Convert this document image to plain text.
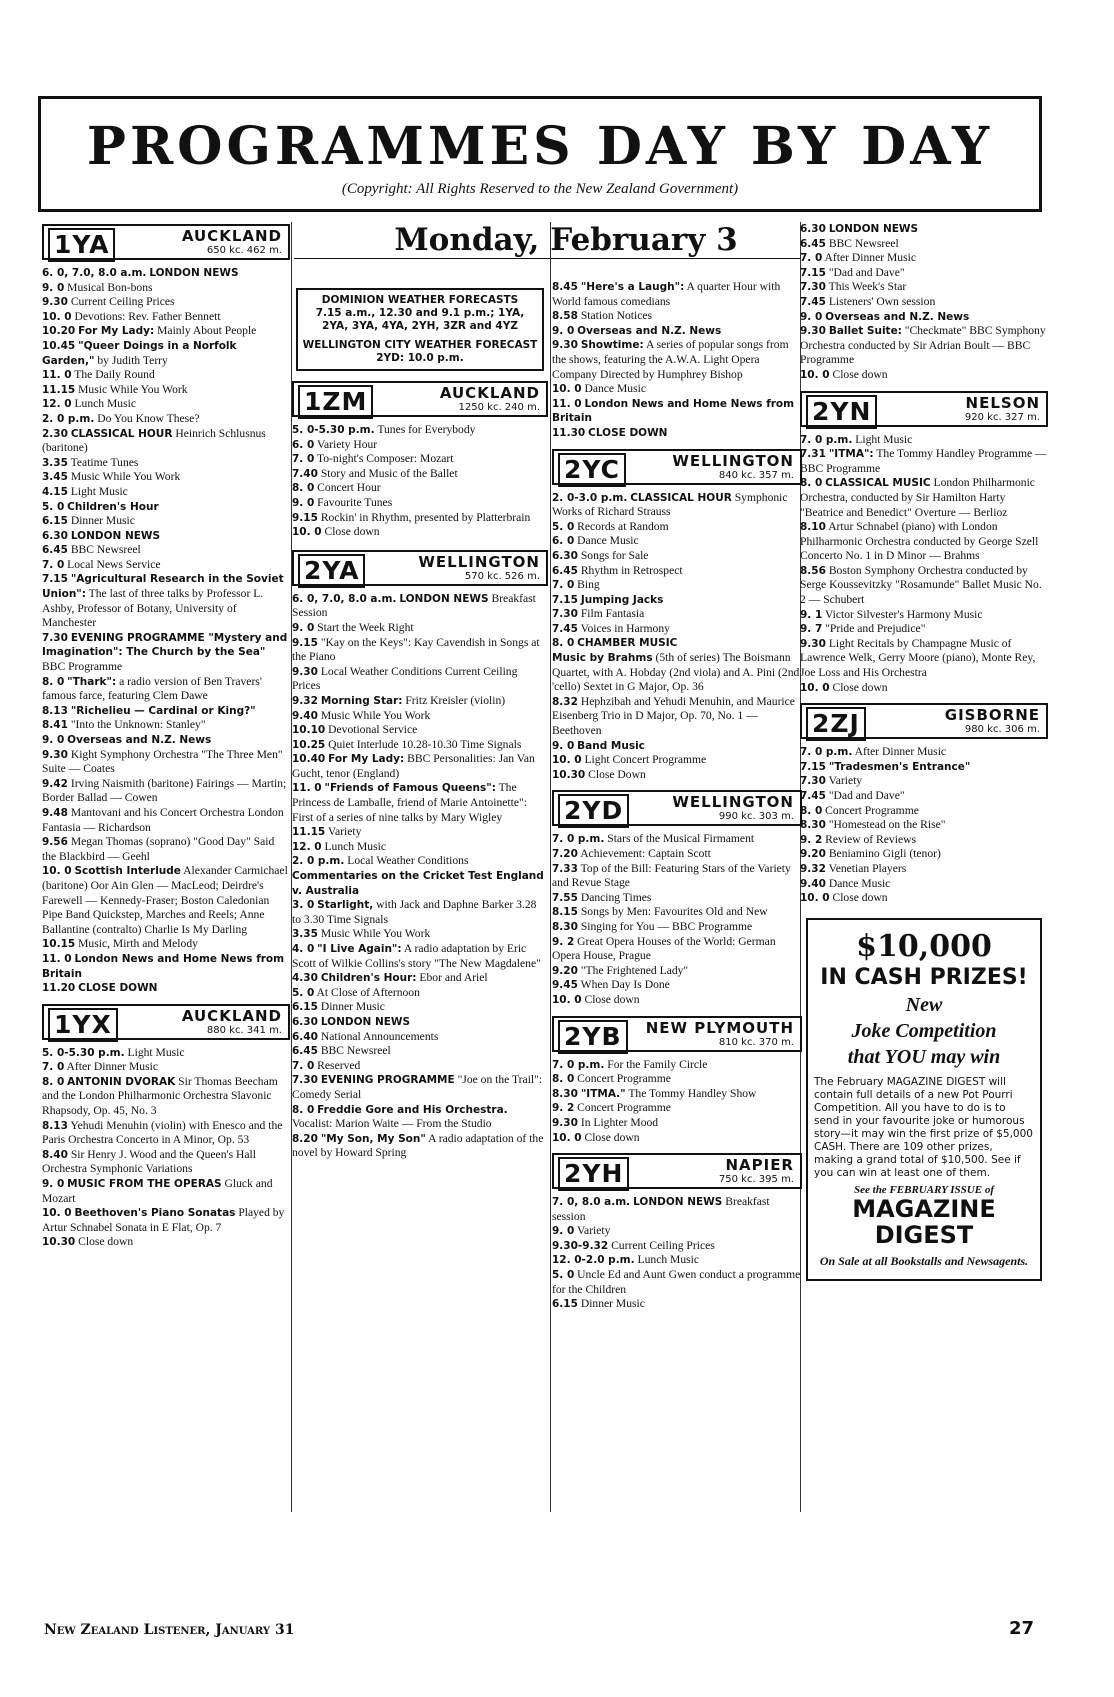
PROGRAMMES DAY BY DAY
(Copyright: All Rights Reserved to the New Zealand Government)
Monday, February 3
1YA	AUCKLAND
650 kc. 462 m.
6. 0, 7.0, 8.0 a.m. LONDON NEWS
9. 0 Musical Bon-bons
9.30 Current Ceiling Prices
10. 0 Devotions: Rev. Father Bennett
10.20 For My Lady: Mainly About People
10.45 "Queer Doings in a Norfolk Garden," by Judith Terry
11. 0 The Daily Round
11.15 Music While You Work
12. 0 Lunch Music
2. 0 p.m. Do You Know These?
2.30 CLASSICAL HOUR Heinrich Schlusnus (baritone)
3.35 Teatime Tunes
3.45 Music While You Work
4.15 Light Music
5. 0 Children's Hour
6.15 Dinner Music
6.30 LONDON NEWS
6.45 BBC Newsreel
7. 0 Local News Service
7.15 "Agricultural Research in the Soviet Union": The last of three talks by Professor L. Ashby, Professor of Botany, University of Manchester
7.30 EVENING PROGRAMME "Mystery and Imagination": The Church by the Sea" BBC Programme
8. 0 "Thark": a radio version of Ben Travers' famous farce, featuring Clem Dawe
8.13 "Richelieu — Cardinal or King?"
8.41 "Into the Unknown: Stanley"
9. 0 Overseas and N.Z. News
9.30 Kight Symphony Orchestra "The Three Men" Suite — Coates
9.42 Irving Naismith (baritone) Fairings — Martin; Border Ballad — Cowen
9.48 Mantovani and his Concert Orchestra London Fantasia — Richardson
9.56 Megan Thomas (soprano) "Good Day" Said the Blackbird — Geehl
10. 0 Scottish Interlude Alexander Carmichael (baritone) Oor Ain Glen — MacLeod; Deirdre's Farewell — Kennedy-Fraser; Boston Caledonian Pipe Band Quickstep, Marches and Reels; Anne Ballantine (contralto) Charlie Is My Darling
10.15 Music, Mirth and Melody
11. 0 London News and Home News from Britain
11.20 CLOSE DOWN
1YX	AUCKLAND
880 kc. 341 m.
5. 0-5.30 p.m. Light Music
7. 0 After Dinner Music
8. 0 ANTONIN DVORAK Sir Thomas Beecham and the London Philharmonic Orchestra Slavonic Rhapsody, Op. 45, No. 3
8.13 Yehudi Menuhin (violin) with Enesco and the Paris Orchestra Concerto in A Minor, Op. 53
8.40 Sir Henry J. Wood and the Queen's Hall Orchestra Symphonic Variations
9. 0 MUSIC FROM THE OPERAS Gluck and Mozart
10. 0 Beethoven's Piano Sonatas Played by Artur Schnabel Sonata in E Flat, Op. 7
10.30 Close down
DOMINION WEATHER FORECASTS
7.15 a.m., 12.30 and 9.1 p.m.; 1YA, 2YA, 3YA, 4YA, 2YH, 3ZR and 4YZ
WELLINGTON CITY WEATHER FORECAST
2YD: 10.0 p.m.
1ZM	AUCKLAND
1250 kc. 240 m.
5. 0-5.30 p.m. Tunes for Everybody
6. 0 Variety Hour
7. 0 To-night's Composer: Mozart
7.40 Story and Music of the Ballet
8. 0 Concert Hour
9. 0 Favourite Tunes
9.15 Rockin' in Rhythm, presented by Platterbrain
10. 0 Close down
2YA	WELLINGTON
570 kc. 526 m.
6. 0, 7.0, 8.0 a.m. LONDON NEWS Breakfast Session
9. 0 Start the Week Right
9.15 "Kay on the Keys": Kay Cavendish in Songs at the Piano
9.30 Local Weather Conditions Current Ceiling Prices
9.32 Morning Star: Fritz Kreisler (violin)
9.40 Music While You Work
10.10 Devotional Service
10.25 Quiet Interlude 10.28-10.30 Time Signals
10.40 For My Lady: BBC Personalities: Jan Van Gucht, tenor (England)
11. 0 "Friends of Famous Queens": The Princess de Lamballe, friend of Marie Antoinette": First of a series of nine talks by Mary Wigley
11.15 Variety
12. 0 Lunch Music
2. 0 p.m. Local Weather Conditions
Commentaries on the Cricket Test England v. Australia
3. 0 Starlight, with Jack and Daphne Barker 3.28 to 3.30 Time Signals
3.35 Music While You Work
4. 0 "I Live Again": A radio adaptation by Eric Scott of Wilkie Collins's story "The New Magdalene"
4.30 Children's Hour: Ebor and Ariel
5. 0 At Close of Afternoon
6.15 Dinner Music
6.30 LONDON NEWS
6.40 National Announcements
6.45 BBC Newsreel
7. 0 Reserved
7.30 EVENING PROGRAMME "Joe on the Trail": Comedy Serial
8. 0 Freddie Gore and His Orchestra. Vocalist: Marion Waite — From the Studio
8.20 "My Son, My Son" A radio adaptation of the novel by Howard Spring
8.45 "Here's a Laugh": A quarter Hour with World famous comedians
8.58 Station Notices
9. 0 Overseas and N.Z. News
9.30 Showtime: A series of popular songs from the shows, featuring the A.W.A. Light Opera Company Directed by Humphrey Bishop
10. 0 Dance Music
11. 0 London News and Home News from Britain
11.30 CLOSE DOWN
2YC	WELLINGTON
840 kc. 357 m.
2. 0-3.0 p.m. CLASSICAL HOUR Symphonic Works of Richard Strauss
5. 0 Records at Random
6. 0 Dance Music
6.30 Songs for Sale
6.45 Rhythm in Retrospect
7. 0 Bing
7.15 Jumping Jacks
7.30 Film Fantasia
7.45 Voices in Harmony
8. 0 CHAMBER MUSIC
Music by Brahms (5th of series) The Boismann Quartet, with A. Hobday (2nd viola) and A. Pini (2nd 'cello) Sextet in G Major, Op. 36
8.32 Hephzibah and Yehudi Menuhin, and Maurice Eisenberg Trio in D Major, Op. 70, No. 1 — Beethoven
9. 0 Band Music
10. 0 Light Concert Programme
10.30 Close Down
2YD	WELLINGTON
990 kc. 303 m.
7. 0 p.m. Stars of the Musical Firmament
7.20 Achievement: Captain Scott
7.33 Top of the Bill: Featuring Stars of the Variety and Revue Stage
7.55 Dancing Times
8.15 Songs by Men: Favourites Old and New
8.30 Singing for You — BBC Programme
9. 2 Great Opera Houses of the World: German Opera House, Prague
9.20 "The Frightened Lady"
9.45 When Day Is Done
10. 0 Close down
2YB	NEW PLYMOUTH
810 kc. 370 m.
7. 0 p.m. For the Family Circle
8. 0 Concert Programme
8.30 "ITMA." The Tommy Handley Show
9. 2 Concert Programme
9.30 In Lighter Mood
10. 0 Close down
2YH	NAPIER
750 kc. 395 m.
7. 0, 8.0 a.m. LONDON NEWS Breakfast session
9. 0 Variety
9.30-9.32 Current Ceiling Prices
12. 0-2.0 p.m. Lunch Music
5. 0 Uncle Ed and Aunt Gwen conduct a programme for the Children
6.15 Dinner Music
6.30 LONDON NEWS
6.45 BBC Newsreel
7. 0 After Dinner Music
7.15 "Dad and Dave"
7.30 This Week's Star
7.45 Listeners' Own session
9. 0 Overseas and N.Z. News
9.30 Ballet Suite: "Checkmate" BBC Symphony Orchestra conducted by Sir Adrian Boult — BBC Programme
10. 0 Close down
2YN	NELSON
920 kc. 327 m.
7. 0 p.m. Light Music
7.31 "ITMA": The Tommy Handley Programme — BBC Programme
8. 0 CLASSICAL MUSIC London Philharmonic Orchestra, conducted by Sir Hamilton Harty "Beatrice and Benedict" Overture — Berlioz
8.10 Artur Schnabel (piano) with London Philharmonic Orchestra conducted by George Szell Concerto No. 1 in D Minor — Brahms
8.56 Boston Symphony Orchestra conducted by Serge Koussevitzky "Rosamunde" Ballet Music No. 2 — Schubert
9. 1 Victor Silvester's Harmony Music
9. 7 "Pride and Prejudice"
9.30 Light Recitals by Champagne Music of Lawrence Welk, Gerry Moore (piano), Monte Rey, Joe Loss and His Orchestra
10. 0 Close down
2ZJ	GISBORNE
980 kc. 306 m.
7. 0 p.m. After Dinner Music
7.15 "Tradesmen's Entrance"
7.30 Variety
7.45 "Dad and Dave"
8. 0 Concert Programme
8.30 "Homestead on the Rise"
9. 2 Review of Reviews
9.20 Beniamino Gigli (tenor)
9.32 Venetian Players
9.40 Dance Music
10. 0 Close down
$10,000
IN CASH PRIZES!
New
Joke Competition
that YOU may win
The February MAGAZINE DIGEST will contain full details of a new Pot Pourri Competition. All you have to do is to send in your favourite joke or humorous story—it may win the first prize of $5,000 CASH. There are 109 other prizes, making a grand total of $10,500. See if you can win at least one of them.
See the FEBRUARY ISSUE of
MAGAZINE
DIGEST
On Sale at all Bookstalls and Newsagents.
New Zealand Listener, January 31	27
